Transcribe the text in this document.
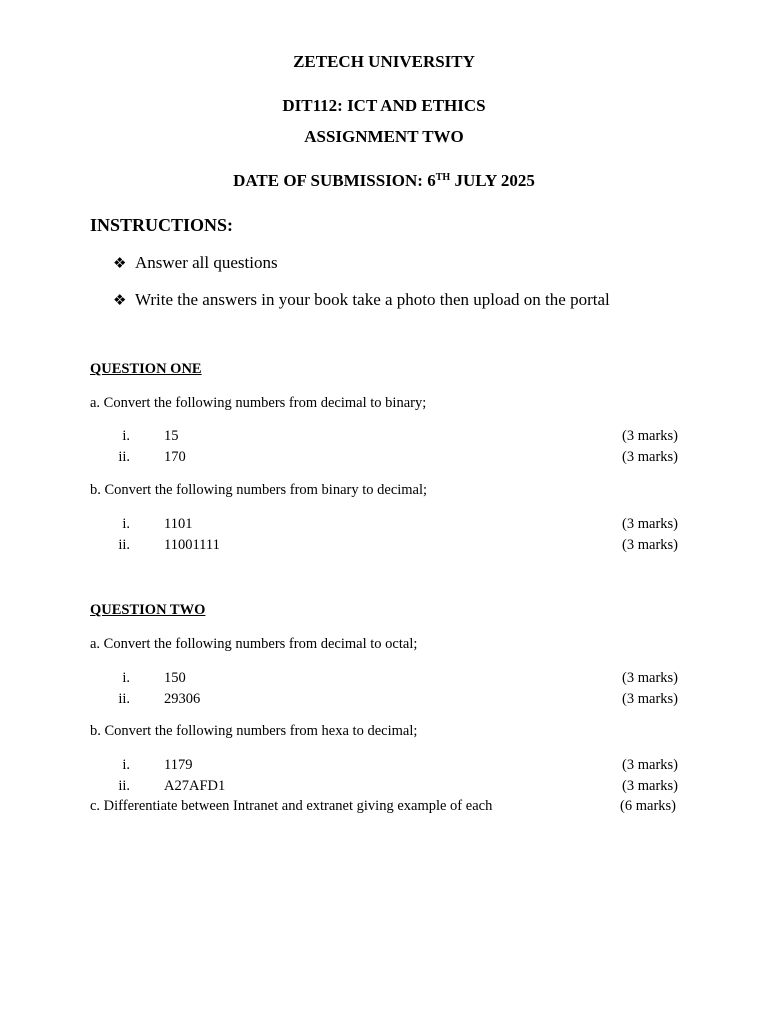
ZETECH UNIVERSITY
DIT112: ICT AND ETHICS
ASSIGNMENT TWO
DATE OF SUBMISSION: 6TH JULY 2025
INSTRUCTIONS:
❖ Answer all questions
❖ Write the answers in your book take a photo then upload on the portal
QUESTION ONE
a. Convert the following numbers from decimal to binary;
i. 15	(3 marks)
ii. 170	(3 marks)
b. Convert the following numbers from binary to decimal;
i. 1101	(3 marks)
ii. 11001111	(3 marks)
QUESTION TWO
a. Convert the following numbers from decimal to octal;
i. 150	(3 marks)
ii. 29306	(3 marks)
b. Convert the following numbers from hexa to decimal;
i. 1179	(3 marks)
ii. A27AFD1	(3 marks)
c. Differentiate between Intranet and extranet giving example of each	(6 marks)
